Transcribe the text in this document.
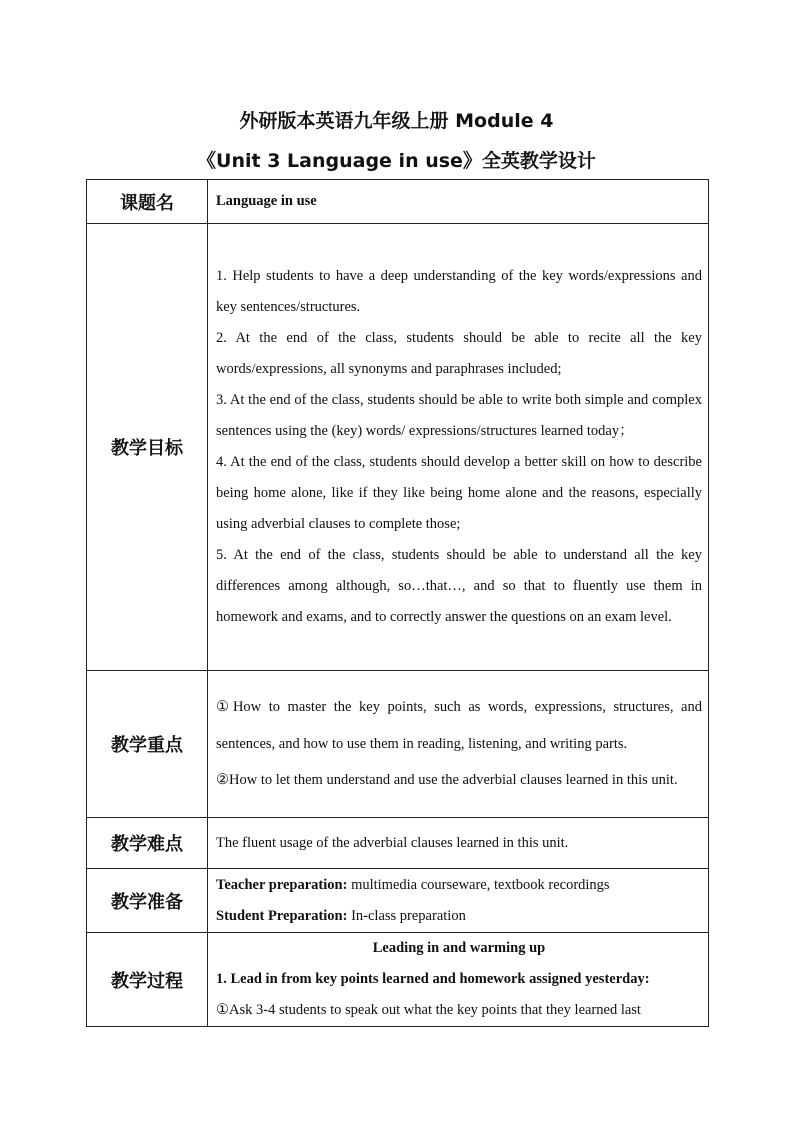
外研版本英语九年级上册 Module 4
《Unit 3 Language in use》全英教学设计
课题名	Language in use
教学目标	1. Help students to have a deep understanding of the key words/expressions and key sentences/structures.
2. At the end of the class, students should be able to recite all the key words/expressions, all synonyms and paraphrases included;
3. At the end of the class, students should be able to write both simple and complex sentences using the (key) words/ expressions/structures learned today；
4. At the end of the class, students should develop a better skill on how to describe being home alone, like if they like being home alone and the reasons, especially using adverbial clauses to complete those;
5. At the end of the class, students should be able to understand all the key differences among although, so…that…, and so that to fluently use them in homework and exams, and to correctly answer the questions on an exam level.

教学重点	①How to master the key points, such as words, expressions, structures, and sentences, and how to use them in reading, listening, and writing parts.
②How to let them understand and use the adverbial clauses learned in this unit.

教学难点	The fluent usage of the adverbial clauses learned in this unit.
教学准备	Teacher preparation: multimedia courseware, textbook recordings
Student Preparation: In-class preparation

教学过程	Leading in and warming up
1. Lead in from key points learned and homework assigned yesterday:
①Ask 3-4 students to speak out what the key points that they learned last
